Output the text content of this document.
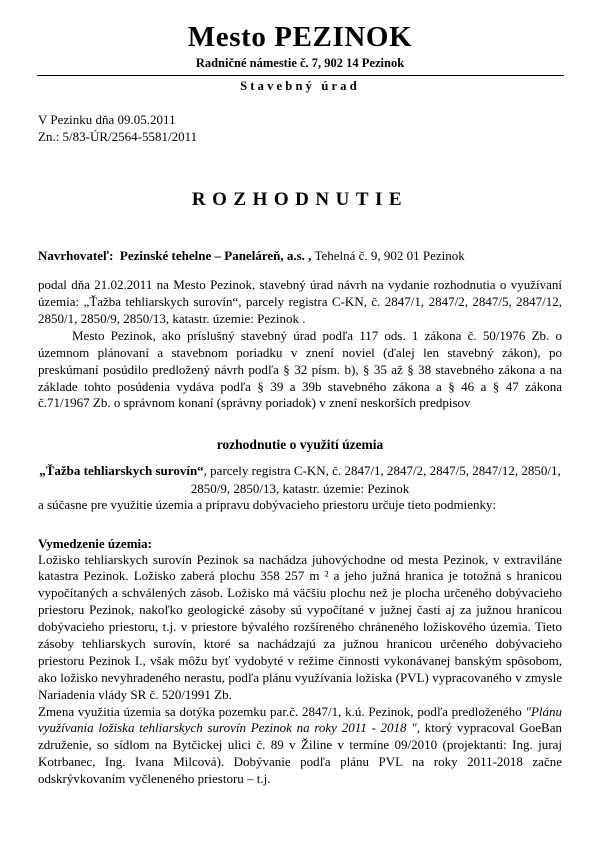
Mesto PEZINOK
Radničné námestie č. 7, 902 14 Pezinok
Stavebný úrad
V Pezinku dňa 09.05.2011
Zn.: 5/83-ÚR/2564-5581/2011
ROZHODNUTIE

Navrhovateľ: Pezinské tehelne – Paneláreň, a.s. , Tehelná č. 9, 902 01 Pezinok

podal dňa 21.02.2011 na Mesto Pezinok, stavebný úrad návrh na vydanie rozhodnutia o využívaní územia: „Ťažba tehliarskych surovín“, parcely registra C-KN, č. 2847/1, 2847/2, 2847/5, 2847/12, 2850/1, 2850/9, 2850/13, katastr. územie: Pezinok .

Mesto Pezinok, ako príslušný stavebný úrad podľa 117 ods. 1 zákona č. 50/1976 Zb. o územnom plánovaní a stavebnom poriadku v znení noviel (ďalej len stavebný zákon), po preskúmaní posúdilo predložený návrh podľa § 32 písm. b), § 35 až § 38 stavebného zákona a na základe tohto posúdenia vydáva podľa § 39 a 39b stavebného zákona a § 46 a § 47 zákona č.71/1967 Zb. o správnom konaní (správny poriadok) v znení neskorších predpisov

rozhodnutie o využití územia
„Ťažba tehliarskych surovín“, parcely registra C-KN, č. 2847/1, 2847/2, 2847/5, 2847/12, 2850/1, 2850/9, 2850/13, katastr. územie: Pezinok

a súčasne pre využitie územia a prípravu dobývacieho priestoru určuje tieto podmienky:

Vymedzenie územia:

Ložisko tehliarskych surovín Pezinok sa nachádza juhovýchodne od mesta Pezinok, v extraviláne katastra Pezinok. Ložisko zaberá plochu 358 257 m ² a jeho južná hranica je totožná s hranicou vypočítaných a schválených zásob. Ložisko má väčšiu plochu než je plocha určeného dobývacieho priestoru Pezinok, nakoľko geologické zásoby sú vypočítané v južnej časti aj za južnou hranicou dobývacieho priestoru, t.j. v priestore bývalého rozšíreného chráneného ložiskového územia. Tieto zásoby tehliarskych surovín, ktoré sa nachádzajú za južnou hranicou určeného dobývacieho priestoru Pezinok I., však môžu byť vydobyté v režime činnosti vykonávanej banským spôsobom, ako ložisko nevyhradeného nerastu, podľa plánu využívania ložiska (PVL) vypracovaného v zmysle Nariadenia vlády SR č. 520/1991 Zb.

Zmena využitia územia sa dotýka pozemku par.č. 2847/1, k.ú. Pezinok, podľa predloženého "Plánu využívania ložiska tehliarskych surovín Pezinok na roky 2011 - 2018 ", ktorý vypracoval GoeBan združenie, so sídlom na Bytčickej ulici č. 89 v Žiline v termíne 09/2010 (projektanti: Ing. juraj Kotrbanec, Ing. Ivana Milcová). Dobývanie podľa plánu PVL na roky 2011-2018 začne odskrývkovaním vyčleneného priestoru – t.j.
